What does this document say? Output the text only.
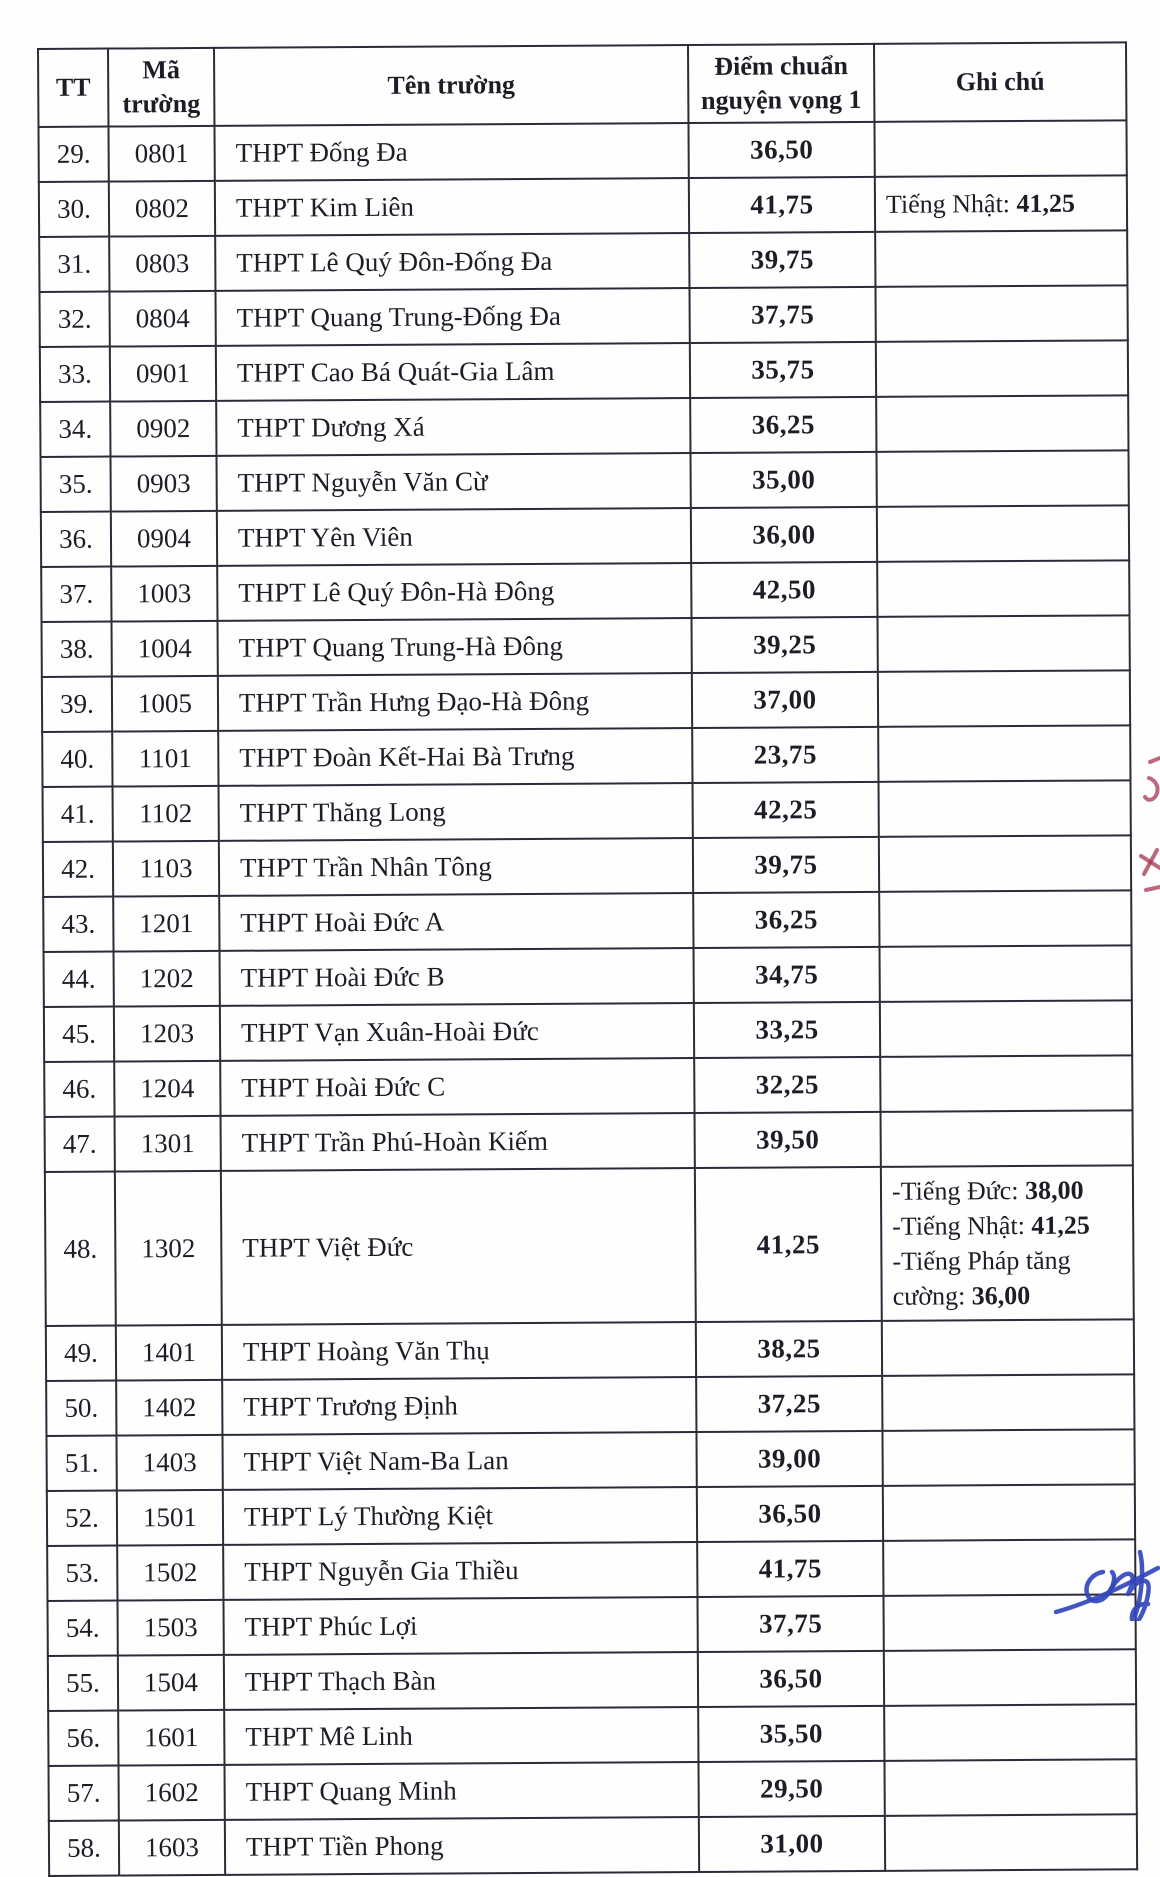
TT	Mã trường	Tên trường	Điểm chuẩn nguyện vọng 1	Ghi chú
29.	0801	THPT Đống Đa	36,50	
30.	0802	THPT Kim Liên	41,75	Tiếng Nhật: 41,25

31.	0803	THPT Lê Quý Đôn-Đống Đa	39,75	
32.	0804	THPT Quang Trung-Đống Đa	37,75	
33.	0901	THPT Cao Bá Quát-Gia Lâm	35,75	
34.	0902	THPT Dương Xá	36,25	
35.	0903	THPT Nguyễn Văn Cừ	35,00	
36.	0904	THPT Yên Viên	36,00	
37.	1003	THPT Lê Quý Đôn-Hà Đông	42,50	
38.	1004	THPT Quang Trung-Hà Đông	39,25	
39.	1005	THPT Trần Hưng Đạo-Hà Đông	37,00	
40.	1101	THPT Đoàn Kết-Hai Bà Trưng	23,75	
41.	1102	THPT Thăng Long	42,25	
42.	1103	THPT Trần Nhân Tông	39,75	
43.	1201	THPT Hoài Đức A	36,25	
44.	1202	THPT Hoài Đức B	34,75	
45.	1203	THPT Vạn Xuân-Hoài Đức	33,25	
46.	1204	THPT Hoài Đức C	32,25	
47.	1301	THPT Trần Phú-Hoàn Kiếm	39,50	
48.	1302	THPT Việt Đức	41,25	-Tiếng Đức: 38,00
-Tiếng Nhật: 41,25
-Tiếng Pháp tăng cường: 36,00

49.	1401	THPT Hoàng Văn Thụ	38,25	
50.	1402	THPT Trương Định	37,25	
51.	1403	THPT Việt Nam-Ba Lan	39,00	
52.	1501	THPT Lý Thường Kiệt	36,50	
53.	1502	THPT Nguyễn Gia Thiều	41,75	
54.	1503	THPT Phúc Lợi	37,75	
55.	1504	THPT Thạch Bàn	36,50	
56.	1601	THPT Mê Linh	35,50	
57.	1602	THPT Quang Minh	29,50	
58.	1603	THPT Tiền Phong	31,00	
